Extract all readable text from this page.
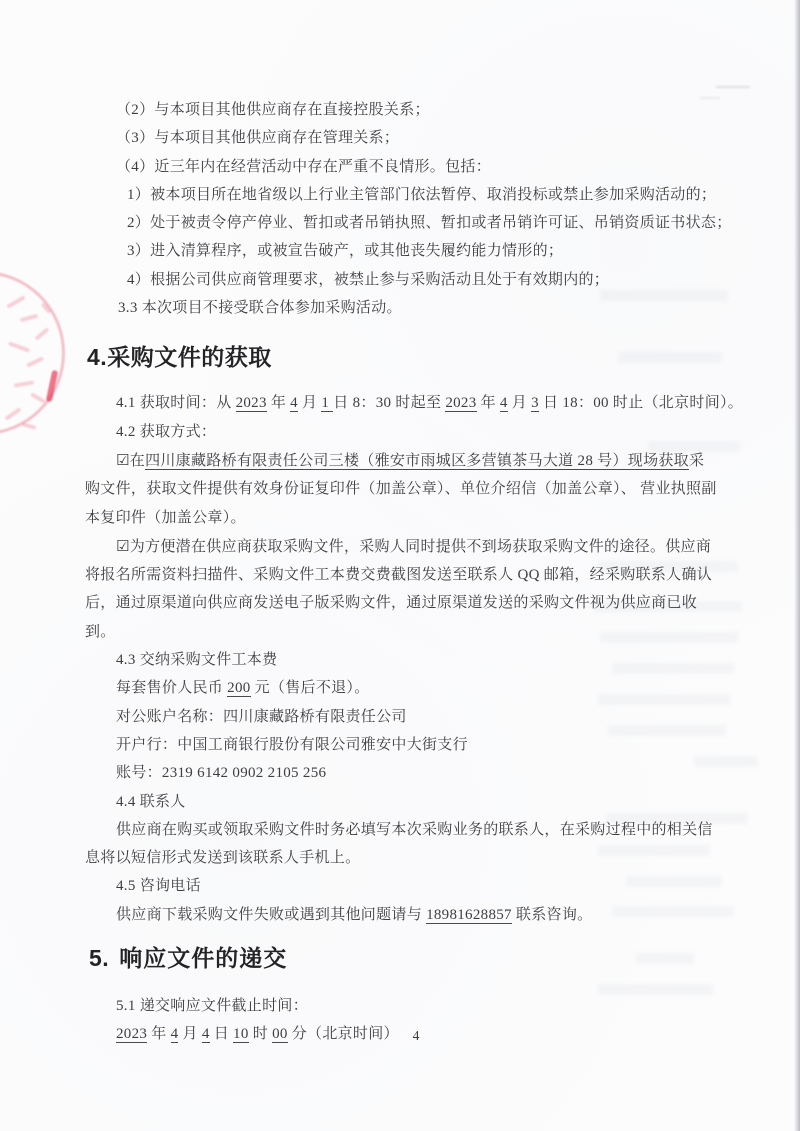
（2）与本项目其他供应商存在直接控股关系；
（3）与本项目其他供应商存在管理关系；
（4）近三年内在经营活动中存在严重不良情形。包括：
1）被本项目所在地省级以上行业主管部门依法暂停、取消投标或禁止参加采购活动的；
2）处于被责令停产停业、暂扣或者吊销执照、暂扣或者吊销许可证、吊销资质证书状态；
3）进入清算程序，或被宣告破产，或其他丧失履约能力情形的；
4）根据公司供应商管理要求，被禁止参与采购活动且处于有效期内的；
3.3 本次项目不接受联合体参加采购活动。
4.采购文件的获取
4.1 获取时间：从 2023 年 4 月 1 日 8：30 时起至 2023 年 4 月 3 日 18：00 时止（北京时间）。
4.2 获取方式：
☑在四川康藏路桥有限责任公司三楼（雅安市雨城区多营镇茶马大道 28 号）现场获取采购文件，获取文件提供有效身份证复印件（加盖公章）、单位介绍信（加盖公章）、 营业执照副本复印件（加盖公章）。
☑为方便潜在供应商获取采购文件，采购人同时提供不到场获取采购文件的途径。供应商将报名所需资料扫描件、采购文件工本费交费截图发送至联系人 QQ 邮箱，经采购联系人确认后，通过原渠道向供应商发送电子版采购文件，通过原渠道发送的采购文件视为供应商已收到。
4.3 交纳采购文件工本费
每套售价人民币 200 元（售后不退）。
对公账户名称：四川康藏路桥有限责任公司
开户行：中国工商银行股份有限公司雅安中大街支行
账号：2319 6142 0902 2105 256
4.4 联系人
供应商在购买或领取采购文件时务必填写本次采购业务的联系人，在采购过程中的相关信息将以短信形式发送到该联系人手机上。
4.5 咨询电话
供应商下载采购文件失败或遇到其他问题请与 18981628857 联系咨询。
5. 响应文件的递交
5.1 递交响应文件截止时间：
2023 年 4 月 4 日 10 时 00 分（北京时间）	4
